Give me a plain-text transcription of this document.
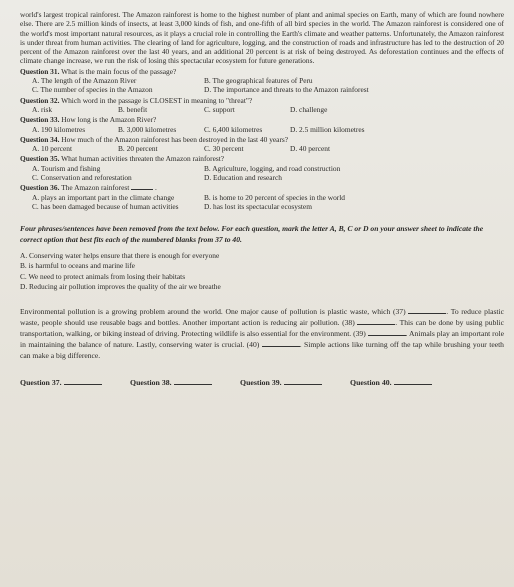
world's largest tropical rainforest. The Amazon rainforest is home to the highest number of plant and animal species on Earth, many of which are found nowhere else. There are 2.5 million kinds of insects, at least 3,000 kinds of fish, and one-fifth of all bird species in the world. The Amazon rainforest is considered one of the world's most important natural resources, as it plays a crucial role in controlling the Earth's climate and weather patterns. Unfortunately, the Amazon rainforest is under threat from human activities. The clearing of land for agriculture, logging, and the construction of roads and infrastructure has led to the destruction of 20 percent of the Amazon rainforest over the last 40 years, and an additional 20 percent is at risk of being destroyed. As deforestation continues and the effects of climate change increase, we run the risk of losing this spectacular ecosystem for future generations.

Question 31. What is the main focus of the passage?
A. The length of the Amazon River	B. The geographical features of Peru
C. The number of species in the Amazon	D. The importance and threats to the Amazon rainforest
Question 32. Which word in the passage is CLOSEST in meaning to "threat"?
A. risk	B. benefit	C. support	D. challenge
Question 33. How long is the Amazon River?
A. 190 kilometres	B. 3,000 kilometres	C. 6,400 kilometres	D. 2.5 million kilometres
Question 34. How much of the Amazon rainforest has been destroyed in the last 40 years?
A. 10 percent	B. 20 percent	C. 30 percent	D. 40 percent
Question 35. What human activities threaten the Amazon rainforest?
A. Tourism and fishing	B. Agriculture, logging, and road construction
C. Conservation and reforestation	D. Education and research
Question 36. The Amazon rainforest	.
A. plays an important part in the climate change	B. is home to 20 percent of species in the world
C. has been damaged because of human activities	D. has lost its spectacular ecosystem
Four phrases/sentences have been removed from the text below. For each question, mark the letter A, B, C or D on your answer sheet to indicate the correct option that best fits each of the numbered blanks from 37 to 40.
A. Conserving water helps ensure that there is enough for everyone
B. is harmful to oceans and marine life
C. We need to protect animals from losing their habitats
D. Reducing air pollution improves the quality of the air we breathe

Environmental pollution is a growing problem around the world. One major cause of pollution is plastic waste, which (37)	. To reduce plastic waste, people should use reusable bags and bottles. Another important action is reducing air pollution. (38)	. This can be done by using public transportation, walking, or biking instead of driving. Protecting wildlife is also essential for the environment. (39)	. Animals play an important role in maintaining the balance of nature. Lastly, conserving water is crucial. (40)	. Simple actions like turning off the tap while brushing your teeth can make a big difference.

Question 37.	Question 38.	Question 39.	Question 40.
